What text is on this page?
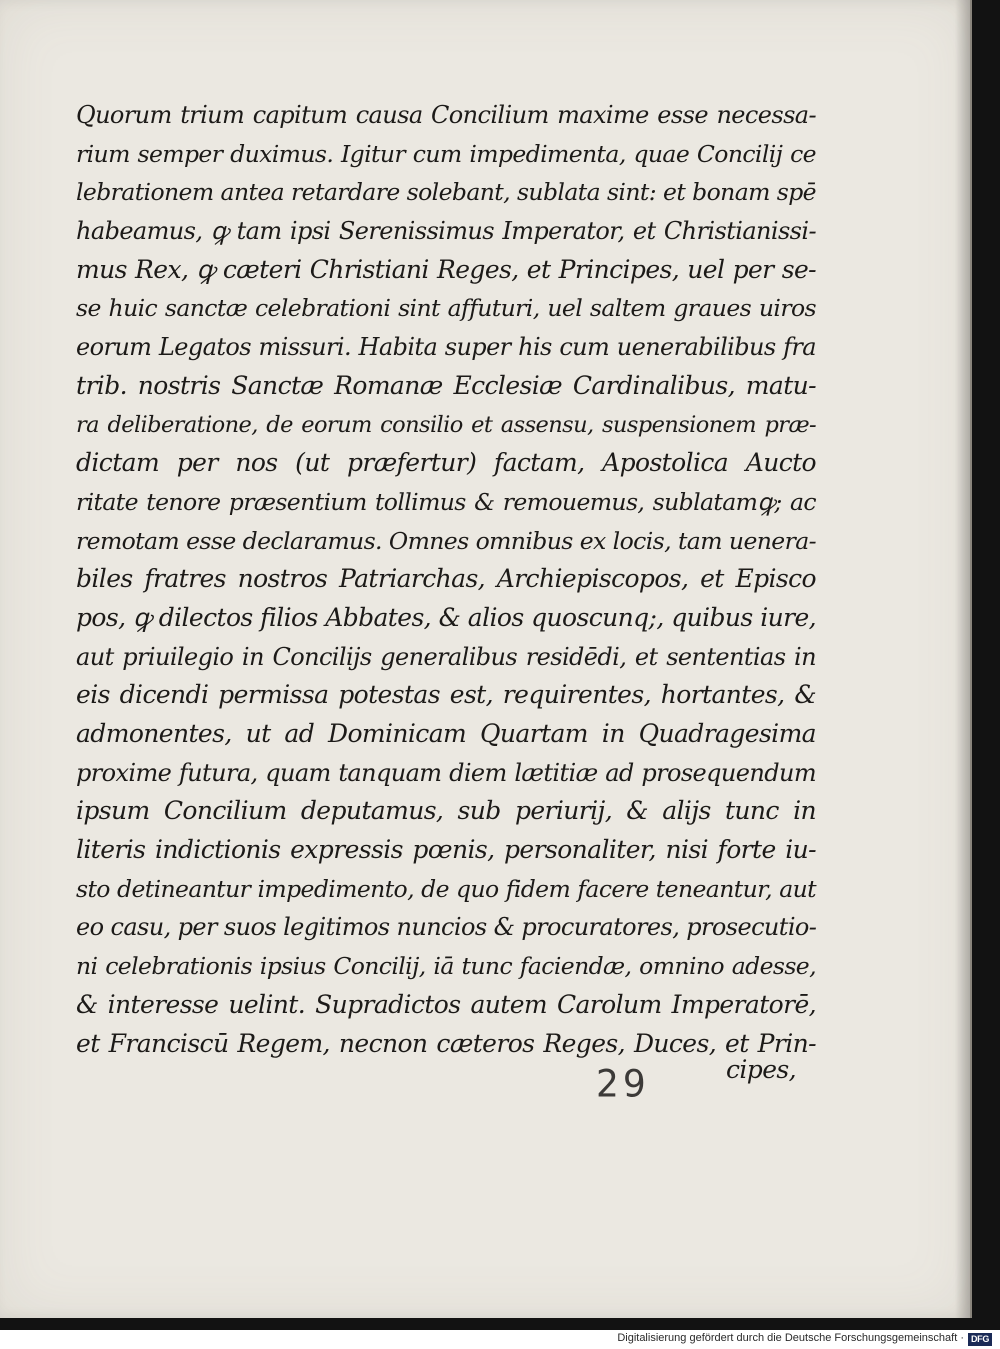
Quorum trium capitum causa Concilium maxime esse necessa-
rium semper duximus. Igitur cum impedimenta, quae Concilij ce
lebrationem antea retardare solebant, sublata sint: et bonam spē
habeamus, ꝙ tam ipsi Serenissimus Imperator, et Christianissi-
mus Rex, ꝙ cæteri Christiani Reges, et Principes, uel per se-
se huic sanctæ celebrationi sint affuturi, uel saltem graues uiros
eorum Legatos missuri. Habita super his cum uenerabilibus fra
trib. nostris Sanctæ Romanæ Ecclesiæ Cardinalibus, matu-
ra deliberatione, de eorum consilio et assensu, suspensionem præ-
dictam per nos (ut præfertur) factam, Apostolica Aucto
ritate tenore præsentium tollimus & remouemus, sublatamꝙ; ac
remotam esse declaramus. Omnes omnibus ex locis, tam uenera-
biles fratres nostros Patriarchas, Archiepiscopos, et Episco
pos, ꝙ dilectos filios Abbates, & alios quoscunq;, quibus iure,
aut priuilegio in Concilijs generalibus residēdi, et sententias in
eis dicendi permissa potestas est, requirentes, hortantes, &
admonentes, ut ad Dominicam Quartam in Quadragesima
proxime futura, quam tanquam diem lætitiæ ad prosequendum
ipsum Concilium deputamus, sub periurij, & alijs tunc in
literis indictionis expressis pœnis, personaliter, nisi forte iu-
sto detineantur impedimento, de quo fidem facere teneantur, aut
eo casu, per suos legitimos nuncios & procuratores, prosecutio-
ni celebrationis ipsius Concilij, iā tunc faciendæ, omnino adesse,
& interesse uelint. Supradictos autem Carolum Imperatorē,
et Franciscū Regem, necnon cæteros Reges, Duces, et Prin-
29	cipes,
Digitalisierung gefördert durch die Deutsche Forschungsgemeinschaft · DFG
